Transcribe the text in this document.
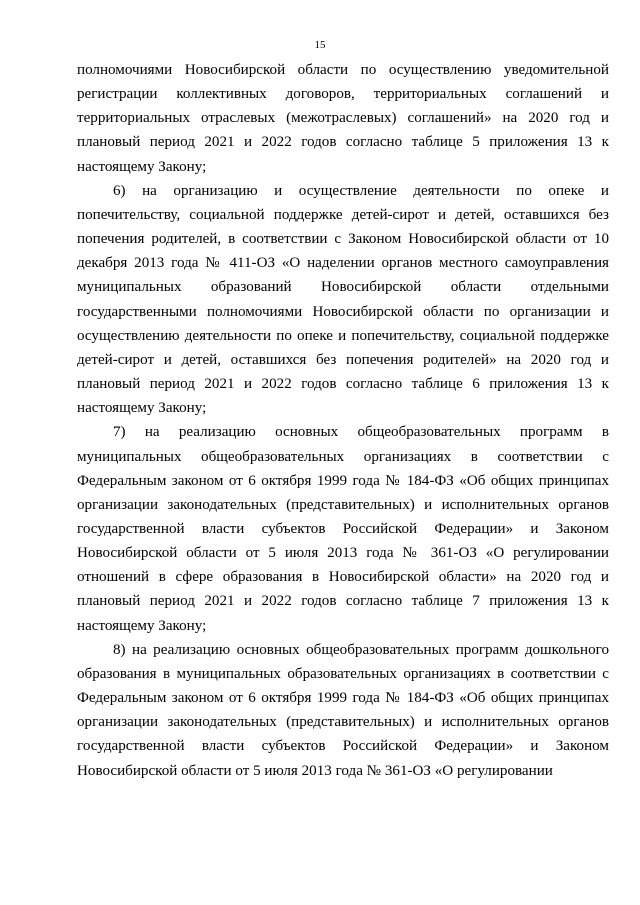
15

полномочиями Новосибирской области по осуществлению уведомительной регистрации коллективных договоров, территориальных соглашений и территориальных отраслевых (межотраслевых) соглашений» на 2020 год и плановый период 2021 и 2022 годов согласно таблице 5 приложения 13 к настоящему Закону;

6) на организацию и осуществление деятельности по опеке и попечительству, социальной поддержке детей-сирот и детей, оставшихся без попечения родителей, в соответствии с Законом Новосибирской области от 10 декабря 2013 года № 411-ОЗ «О наделении органов местного самоуправления муниципальных образований Новосибирской области отдельными государственными полномочиями Новосибирской области по организации и осуществлению деятельности по опеке и попечительству, социальной поддержке детей-сирот и детей, оставшихся без попечения родителей» на 2020 год и плановый период 2021 и 2022 годов согласно таблице 6 приложения 13 к настоящему Закону;

7) на реализацию основных общеобразовательных программ в муниципальных общеобразовательных организациях в соответствии с Федеральным законом от 6 октября 1999 года № 184-ФЗ «Об общих принципах организации законодательных (представительных) и исполнительных органов государственной власти субъектов Российской Федерации» и Законом Новосибирской области от 5 июля 2013 года № 361-ОЗ «О регулировании отношений в сфере образования в Новосибирской области» на 2020 год и плановый период 2021 и 2022 годов согласно таблице 7 приложения 13 к настоящему Закону;

8) на реализацию основных общеобразовательных программ дошкольного образования в муниципальных образовательных организациях в соответствии с Федеральным законом от 6 октября 1999 года № 184-ФЗ «Об общих принципах организации законодательных (представительных) и исполнительных органов государственной власти субъектов Российской Федерации» и Законом Новосибирской области от 5 июля 2013 года № 361-ОЗ «О регулировании
